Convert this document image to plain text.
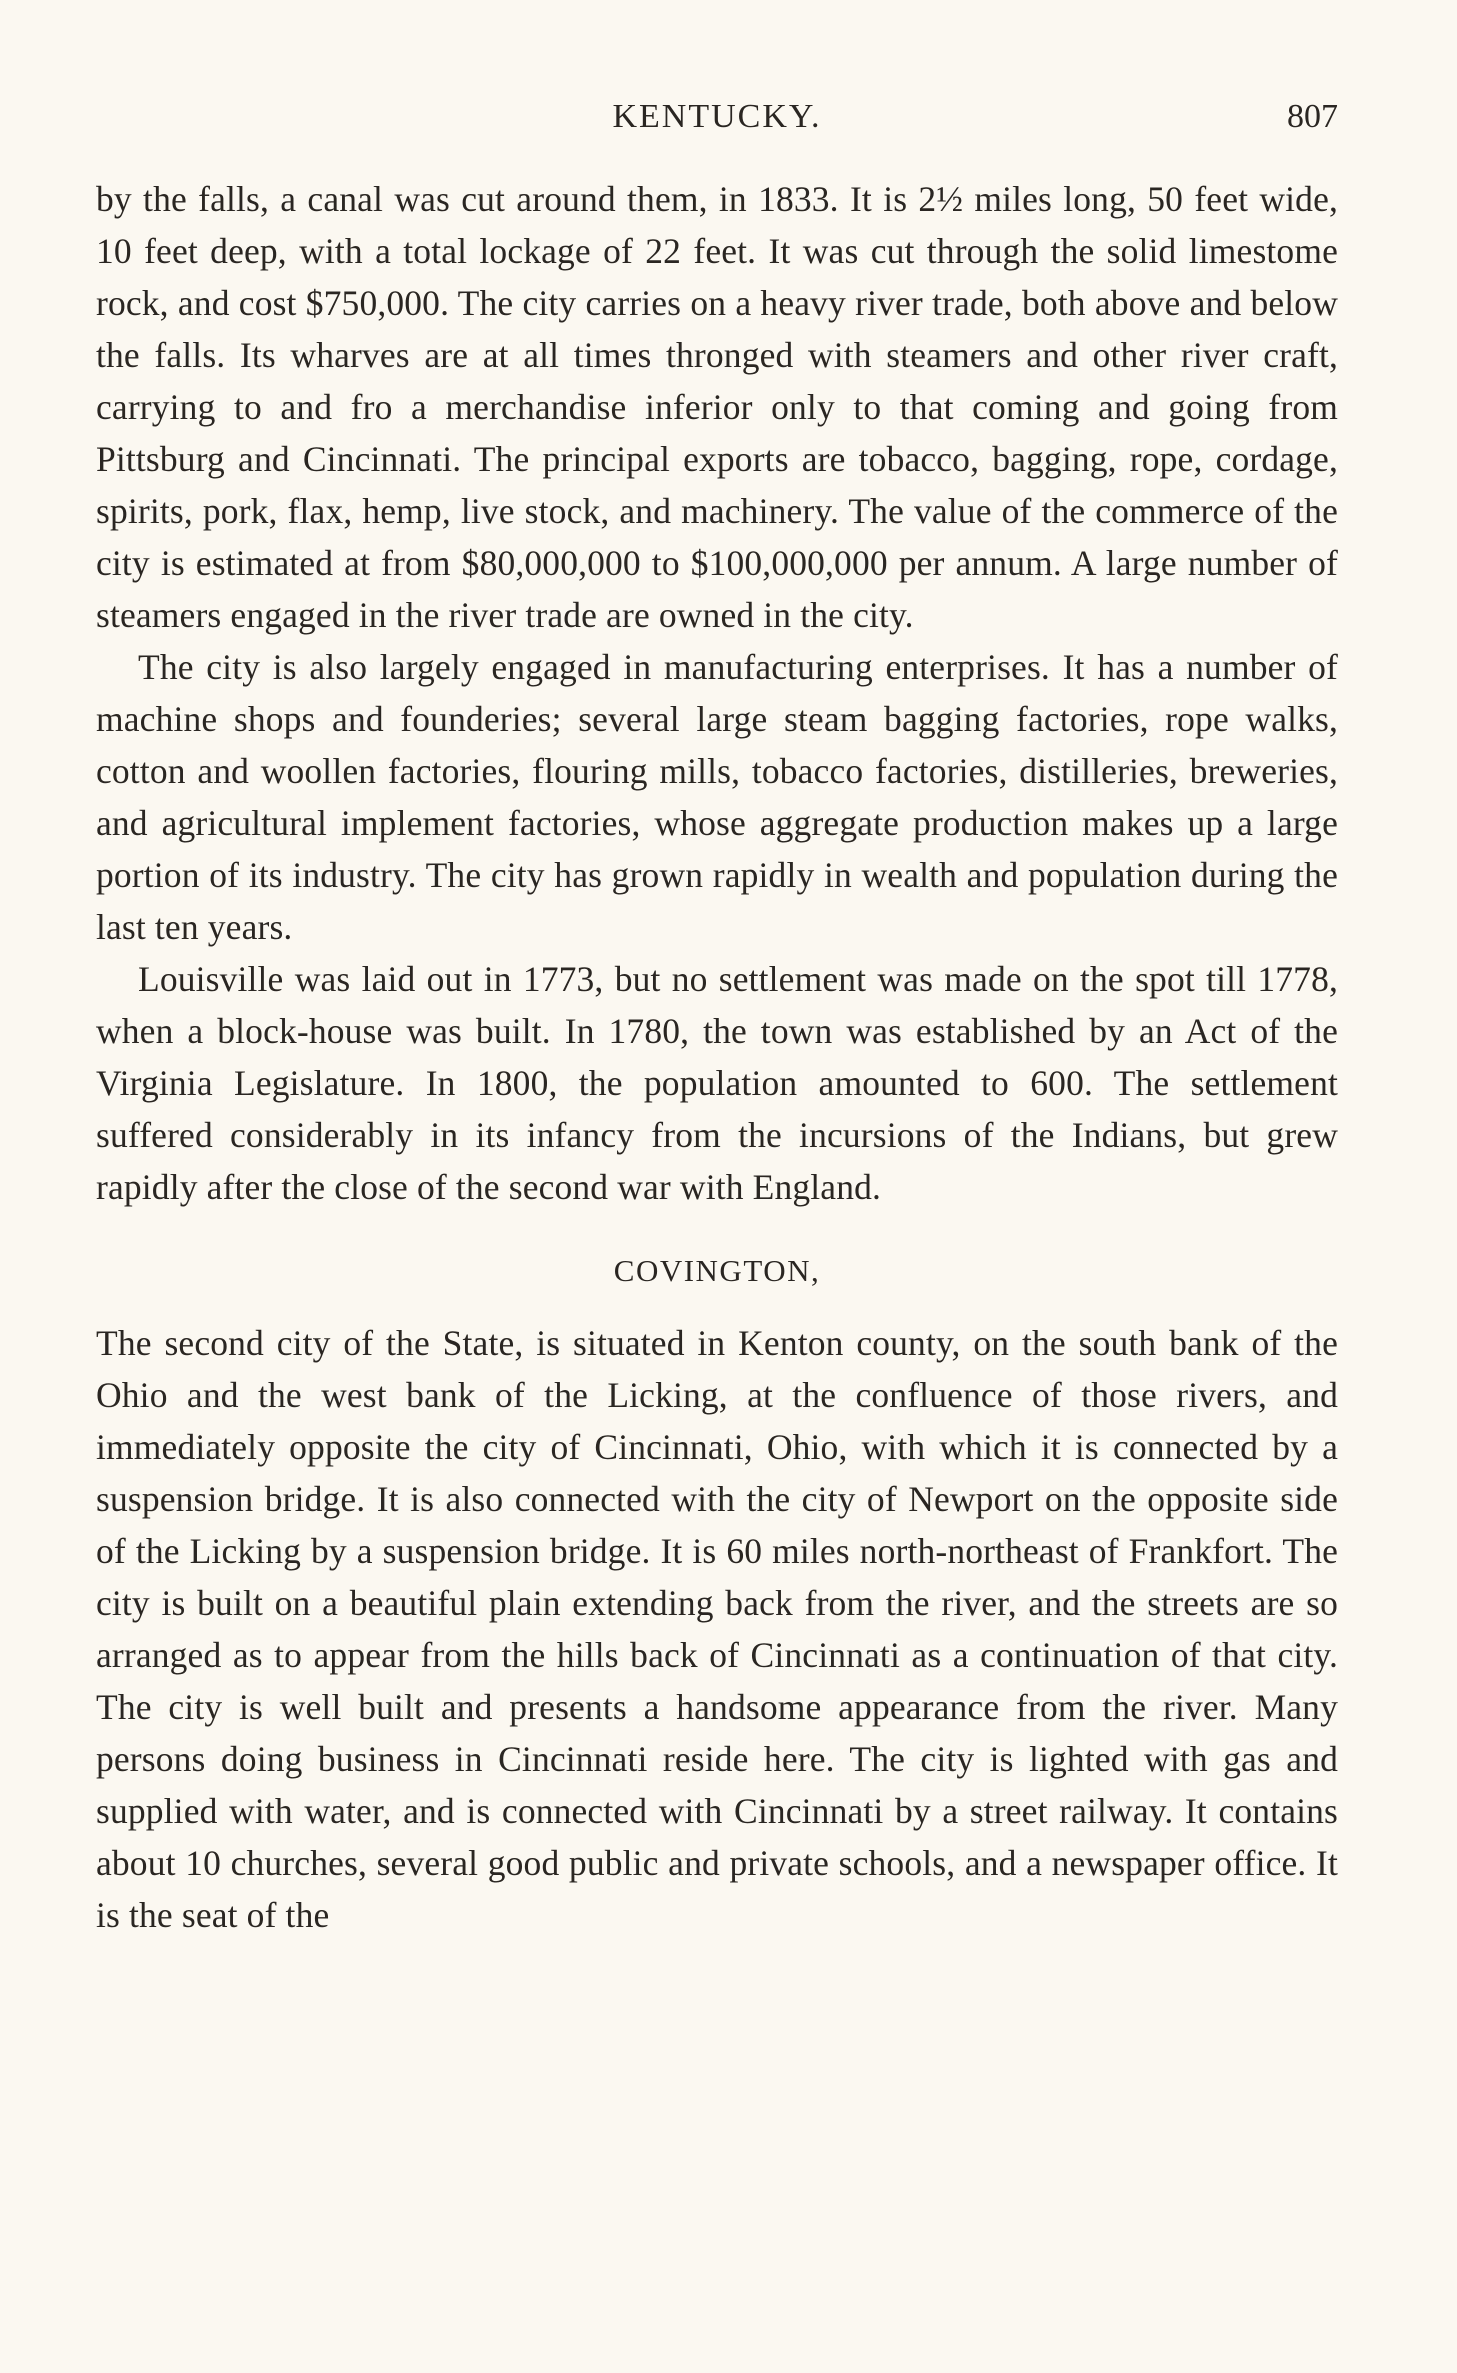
KENTUCKY.	807

by the falls, a canal was cut around them, in 1833. It is 2½ miles long, 50 feet wide, 10 feet deep, with a total lockage of 22 feet. It was cut through the solid limestome rock, and cost $750,000. The city carries on a heavy river trade, both above and below the falls. Its wharves are at all times thronged with steamers and other river craft, carrying to and fro a merchandise inferior only to that coming and going from Pittsburg and Cincinnati. The principal exports are tobacco, bagging, rope, cordage, spirits, pork, flax, hemp, live stock, and machinery. The value of the commerce of the city is estimated at from $80,000,000 to $100,000,000 per annum. A large number of steamers engaged in the river trade are owned in the city.

The city is also largely engaged in manufacturing enterprises. It has a number of machine shops and founderies; several large steam bagging factories, rope walks, cotton and woollen factories, flouring mills, tobacco factories, distilleries, breweries, and agricultural implement factories, whose aggregate production makes up a large portion of its industry. The city has grown rapidly in wealth and population during the last ten years.

Louisville was laid out in 1773, but no settlement was made on the spot till 1778, when a block-house was built. In 1780, the town was established by an Act of the Virginia Legislature. In 1800, the population amounted to 600. The settlement suffered considerably in its infancy from the incursions of the Indians, but grew rapidly after the close of the second war with England.

COVINGTON,

The second city of the State, is situated in Kenton county, on the south bank of the Ohio and the west bank of the Licking, at the confluence of those rivers, and immediately opposite the city of Cincinnati, Ohio, with which it is connected by a suspension bridge. It is also connected with the city of Newport on the opposite side of the Licking by a suspension bridge. It is 60 miles north-northeast of Frankfort. The city is built on a beautiful plain extending back from the river, and the streets are so arranged as to appear from the hills back of Cincinnati as a continuation of that city. The city is well built and presents a handsome appearance from the river. Many persons doing business in Cincinnati reside here. The city is lighted with gas and supplied with water, and is connected with Cincinnati by a street railway. It contains about 10 churches, several good public and private schools, and a newspaper office. It is the seat of the
